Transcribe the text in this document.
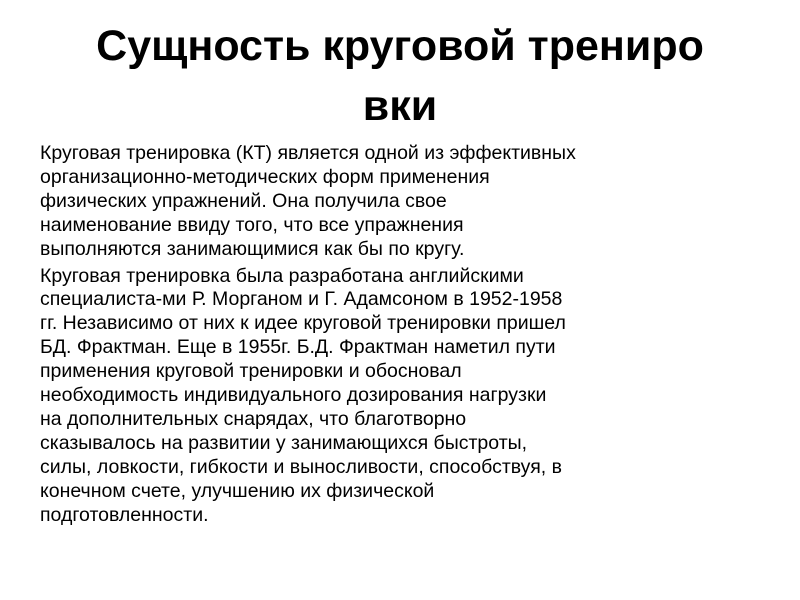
Сущность круговой трениро
вки

Круговая тренировка (КТ) является одной из эффективных
организационно-методических форм применения
физических упражнений. Она получила свое
наименование ввиду того, что все упражнения
выполняются занимающимися как бы по кругу.

Круговая тренировка была разработана английскими
специалиста-ми Р. Морганом и Г. Адамсоном в 1952-1958
гг. Независимо от них к идее круговой тренировки пришел
БД. Фрактман. Еще в 1955г. Б.Д. Фрактман наметил пути
применения круговой тренировки и обосновал
необходимость индивидуального дозирования нагрузки
на дополнительных снарядах, что благотворно
сказывалось на развитии у занимающихся быстроты,
силы, ловкости, гибкости и выносливости, способствуя, в
конечном счете, улучшению их физической
подготовленности.
